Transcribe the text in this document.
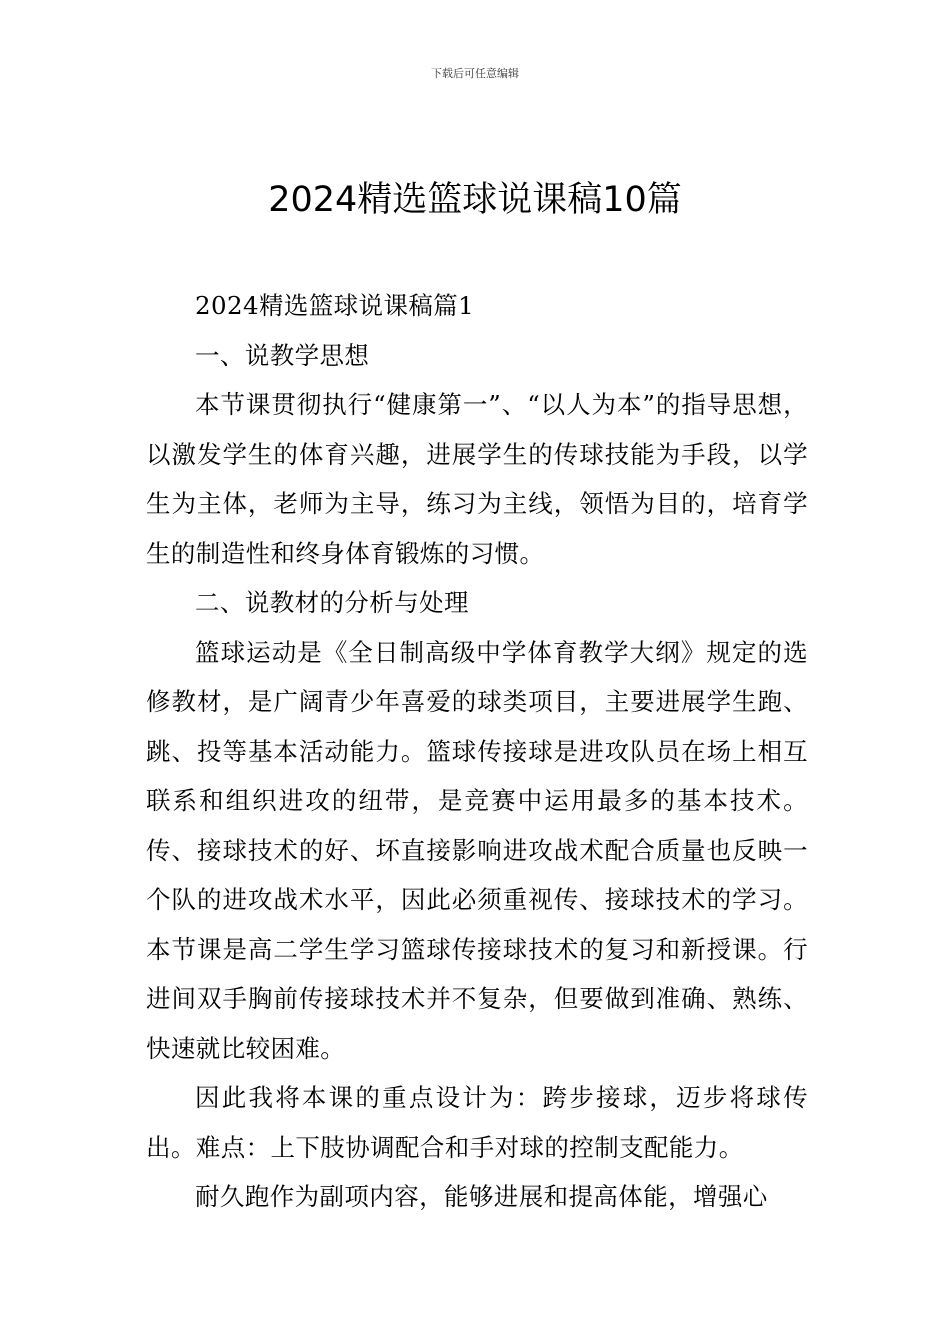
下载后可任意编辑
2024精选篮球说课稿10篇

2024精选篮球说课稿篇1

一、说教学思想

本节课贯彻执行“健康第一”、“以人为本”的指导思想，以激发学生的体育兴趣，进展学生的传球技能为手段，以学生为主体，老师为主导，练习为主线，领悟为目的，培育学生的制造性和终身体育锻炼的习惯。

二、说教材的分析与处理

篮球运动是《全日制高级中学体育教学大纲》规定的选修教材，是广阔青少年喜爱的球类项目，主要进展学生跑、跳、投等基本活动能力。篮球传接球是进攻队员在场上相互联系和组织进攻的纽带，是竞赛中运用最多的基本技术。传、接球技术的好、坏直接影响进攻战术配合质量也反映一个队的进攻战术水平，因此必须重视传、接球技术的学习。本节课是高二学生学习篮球传接球技术的复习和新授课。行进间双手胸前传接球技术并不复杂，但要做到准确、熟练、快速就比较困难。

因此我将本课的重点设计为：跨步接球，迈步将球传出。难点：上下肢协调配合和手对球的控制支配能力。

耐久跑作为副项内容，能够进展和提高体能，增强心
